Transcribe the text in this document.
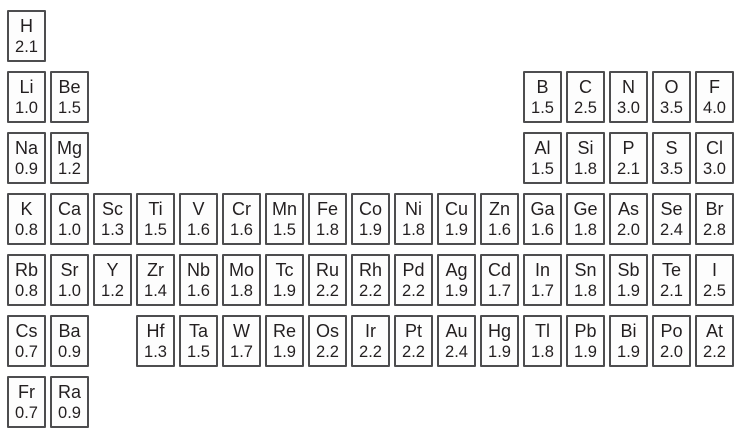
H
2.1
Li
1.0
Be
1.5
B
1.5
C
2.5
N
3.0
O
3.5
F
4.0
Na
0.9
Mg
1.2
Al
1.5
Si
1.8
P
2.1
S
3.5
Cl
3.0
K
0.8
Ca
1.0
Sc
1.3
Ti
1.5
V
1.6
Cr
1.6
Mn
1.5
Fe
1.8
Co
1.9
Ni
1.8
Cu
1.9
Zn
1.6
Ga
1.6
Ge
1.8
As
2.0
Se
2.4
Br
2.8
Rb
0.8
Sr
1.0
Y
1.2
Zr
1.4
Nb
1.6
Mo
1.8
Tc
1.9
Ru
2.2
Rh
2.2
Pd
2.2
Ag
1.9
Cd
1.7
In
1.7
Sn
1.8
Sb
1.9
Te
2.1
I
2.5
Cs
0.7
Ba
0.9
Hf
1.3
Ta
1.5
W
1.7
Re
1.9
Os
2.2
Ir
2.2
Pt
2.2
Au
2.4
Hg
1.9
Tl
1.8
Pb
1.9
Bi
1.9
Po
2.0
At
2.2
Fr
0.7
Ra
0.9
